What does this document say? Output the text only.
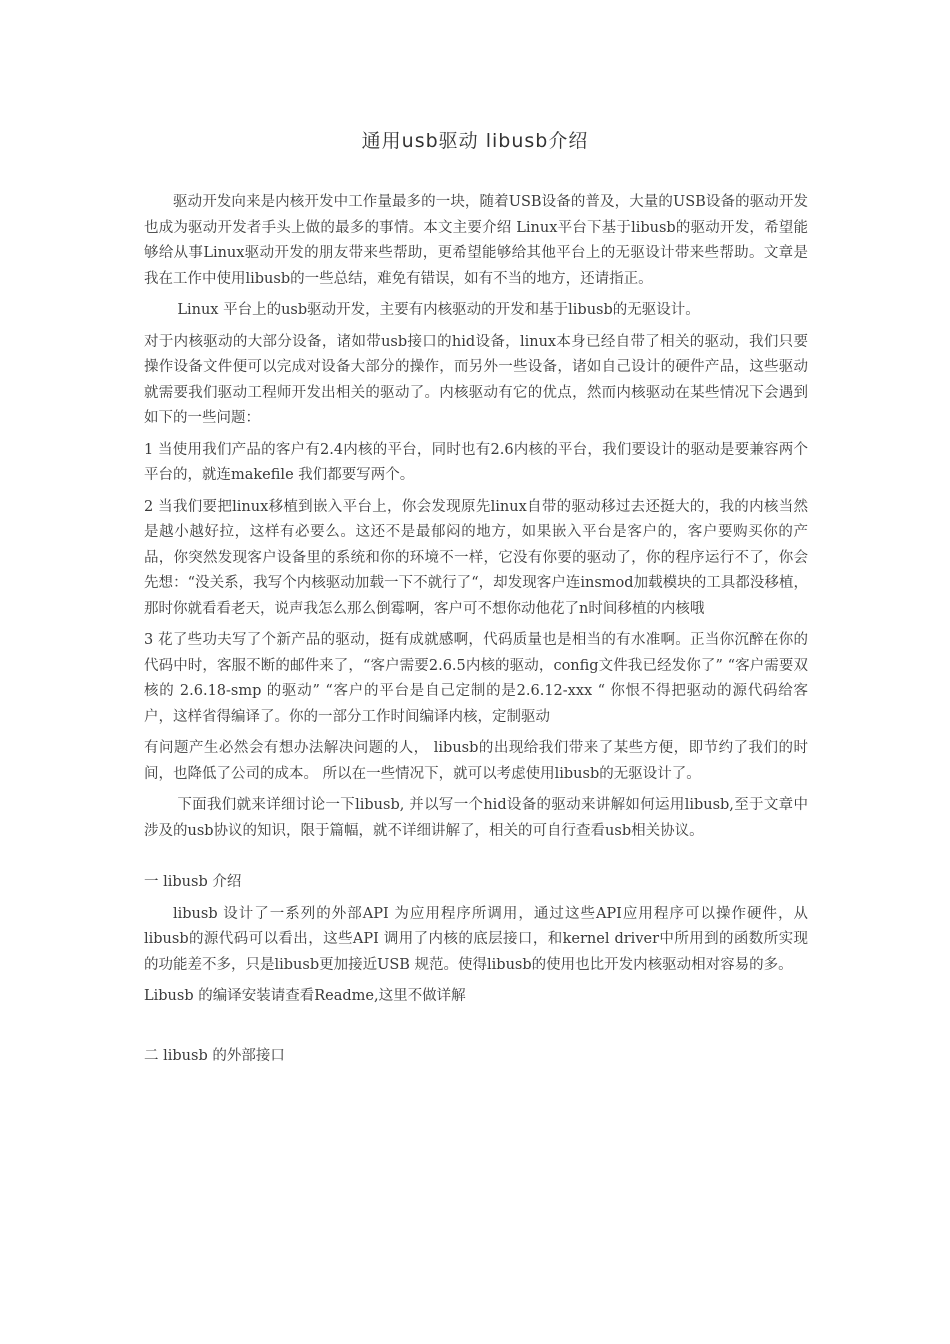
通用usb驱动 libusb介绍

驱动开发向来是内核开发中工作量最多的一块，随着USB设备的普及，大量的USB设备的驱动开发也成为驱动开发者手头上做的最多的事情。本文主要介绍 Linux平台下基于libusb的驱动开发，希望能够给从事Linux驱动开发的朋友带来些帮助，更希望能够给其他平台上的无驱设计带来些帮助。文章是我在工作中使用libusb的一些总结，难免有错误，如有不当的地方，还请指正。

Linux 平台上的usb驱动开发，主要有内核驱动的开发和基于libusb的无驱设计。

对于内核驱动的大部分设备，诸如带usb接口的hid设备，linux本身已经自带了相关的驱动，我们只要操作设备文件便可以完成对设备大部分的操作，而另外一些设备，诸如自己设计的硬件产品，这些驱动就需要我们驱动工程师开发出相关的驱动了。内核驱动有它的优点，然而内核驱动在某些情况下会遇到如下的一些问题：

1 当使用我们产品的客户有2.4内核的平台，同时也有2.6内核的平台，我们要设计的驱动是要兼容两个平台的，就连makefile 我们都要写两个。

2 当我们要把linux移植到嵌入平台上，你会发现原先linux自带的驱动移过去还挺大的，我的内核当然是越小越好拉，这样有必要么。这还不是最郁闷的地方，如果嵌入平台是客户的，客户要购买你的产品，你突然发现客户设备里的系统和你的环境不一样，它没有你要的驱动了，你的程序运行不了，你会先想：“没关系，我写个内核驱动加载一下不就行了“，却发现客户连insmod加载模块的工具都没移植，那时你就看看老天，说声我怎么那么倒霉啊，客户可不想你动他花了n时间移植的内核哦

3 花了些功夫写了个新产品的驱动，挺有成就感啊，代码质量也是相当的有水准啊。正当你沉醉在你的代码中时，客服不断的邮件来了，“客户需要2.6.5内核的驱动，config文件我已经发你了” “客户需要双核的 2.6.18-smp 的驱动” “客户的平台是自己定制的是2.6.12-xxx “ 你恨不得把驱动的源代码给客户，这样省得编译了。你的一部分工作时间编译内核，定制驱动

有问题产生必然会有想办法解决问题的人， libusb的出现给我们带来了某些方便，即节约了我们的时间，也降低了公司的成本。 所以在一些情况下，就可以考虑使用libusb的无驱设计了。

下面我们就来详细讨论一下libusb, 并以写一个hid设备的驱动来讲解如何运用libusb,至于文章中涉及的usb协议的知识，限于篇幅，就不详细讲解了，相关的可自行查看usb相关协议。

一 libusb 介绍

libusb 设计了一系列的外部API 为应用程序所调用，通过这些API应用程序可以操作硬件，从libusb的源代码可以看出，这些API 调用了内核的底层接口，和kernel driver中所用到的函数所实现的功能差不多，只是libusb更加接近USB 规范。使得libusb的使用也比开发内核驱动相对容易的多。

Libusb 的编译安装请查看Readme,这里不做详解

二 libusb 的外部接口
